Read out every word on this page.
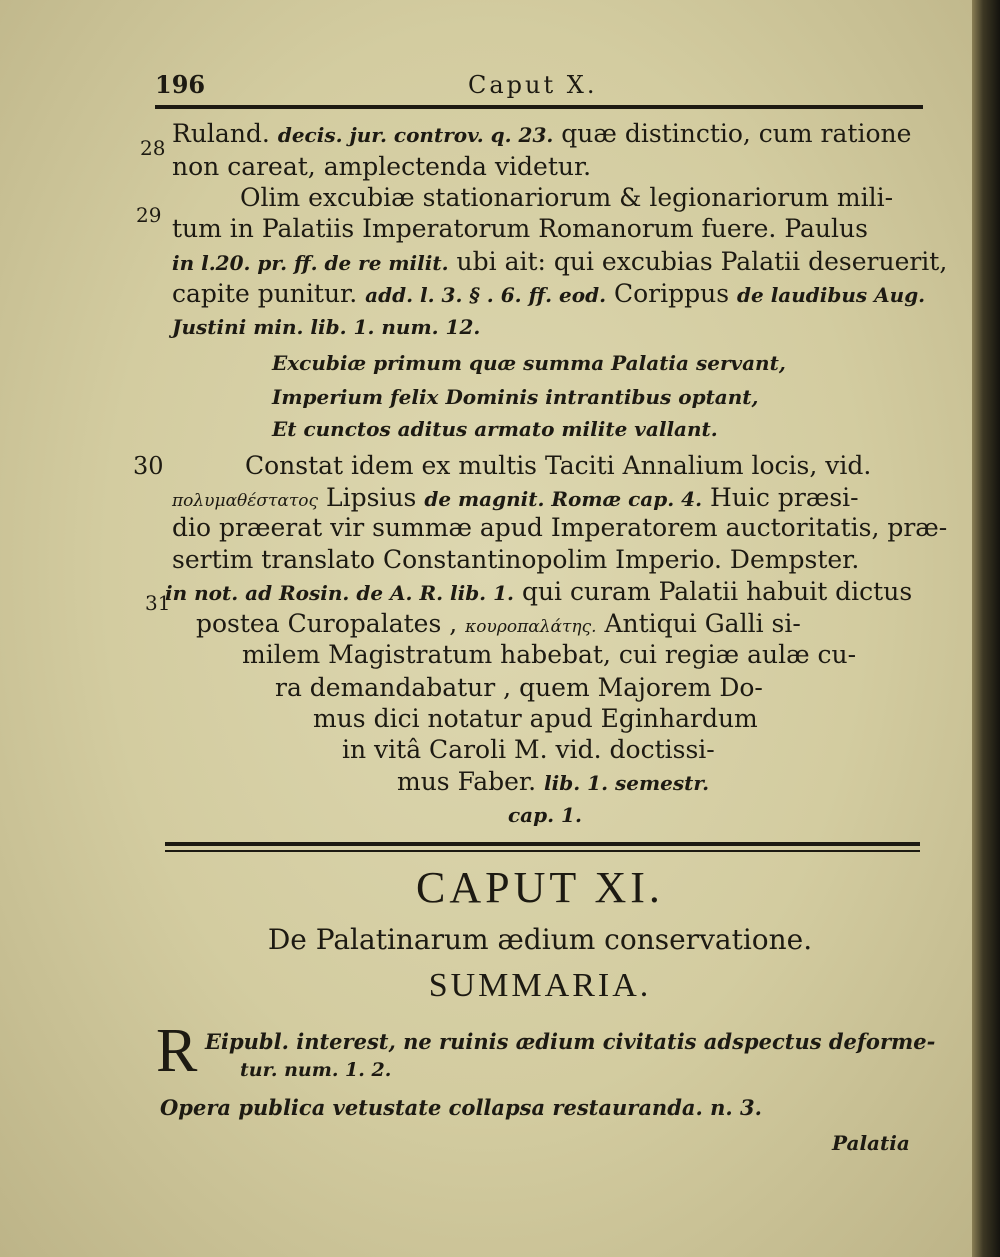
196	Caput X.
28
29
30
31
Ruland. decis. jur. controv. q. 23. quæ distinctio, cum ratione
non careat, amplectenda videtur.
Olim excubiæ stationariorum & legionariorum mili-
tum in Palatiis Imperatorum Romanorum fuere. Paulus
in l.20. pr. ff. de re milit. ubi ait: qui excubias Palatii deseruerit,
capite punitur. add. l. 3. § . 6. ff. eod. Corippus de laudibus Aug.
Justini min. lib. 1. num. 12.
Excubiæ primum quæ summa Palatia servant,
Imperium felix Dominis intrantibus optant,
Et cunctos aditus armato milite vallant.
Constat idem ex multis Taciti Annalium locis, vid.
πολυμαθέστατος Lipsius de magnit. Romæ cap. 4. Huic præsi-
dio præerat vir summæ apud Imperatorem auctoritatis, præ-
sertim translato Constantinopolim Imperio. Dempster.
in not. ad Rosin. de A. R. lib. 1. qui curam Palatii habuit dictus
postea Curopalates , κουροπαλάτης. Antiqui Galli si-
milem Magistratum habebat, cui regiæ aulæ cu-
ra demandabatur , quem Majorem Do-
mus dici notatur apud Eginhardum
in vitâ Caroli M. vid. doctissi-
mus Faber. lib. 1. semestr.
cap. 1.
CAPUT XI.
De Palatinarum ædium conservatione.
SUMMARIA.
R Eipubl. interest, ne ruinis ædium civitatis adspectus deforme-
tur. num. 1. 2.
Opera publica vetustate collapsa restauranda. n. 3.
Palatia
